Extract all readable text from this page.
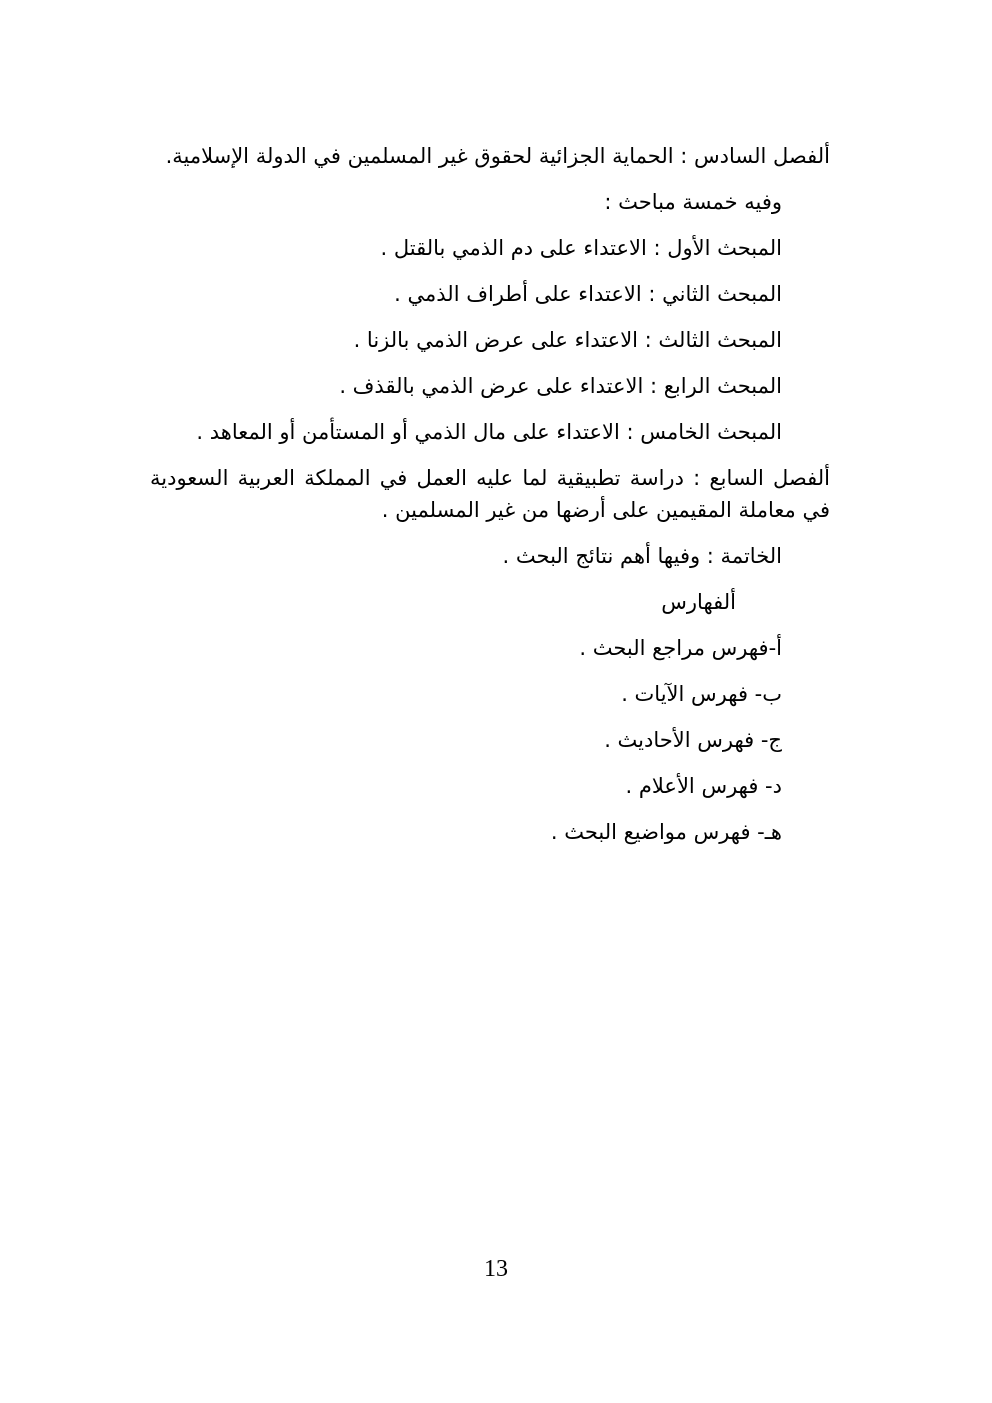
ألفصل السادس : الحماية الجزائية لحقوق غير المسلمين في الدولة الإسلامية.
وفيه خمسة مباحث :
المبحث الأول : الاعتداء على دم الذمي بالقتل .
المبحث الثاني : الاعتداء على أطراف الذمي .
المبحث الثالث : الاعتداء على عرض الذمي بالزنا .
المبحث الرابع : الاعتداء على عرض الذمي بالقذف .
المبحث الخامس : الاعتداء على مال الذمي أو المستأمن أو المعاهد .
ألفصل السابع : دراسة تطبيقية لما عليه العمل في المملكة العربية السعودية في معاملة المقيمين على أرضها من غير المسلمين .
الخاتمة : وفيها أهم نتائج البحث .
ألفهارس
أ-فهرس مراجع البحث .
ب- فهرس الآيات .
ج- فهرس الأحاديث .
د- فهرس الأعلام .
هـ- فهرس مواضيع البحث .
13
